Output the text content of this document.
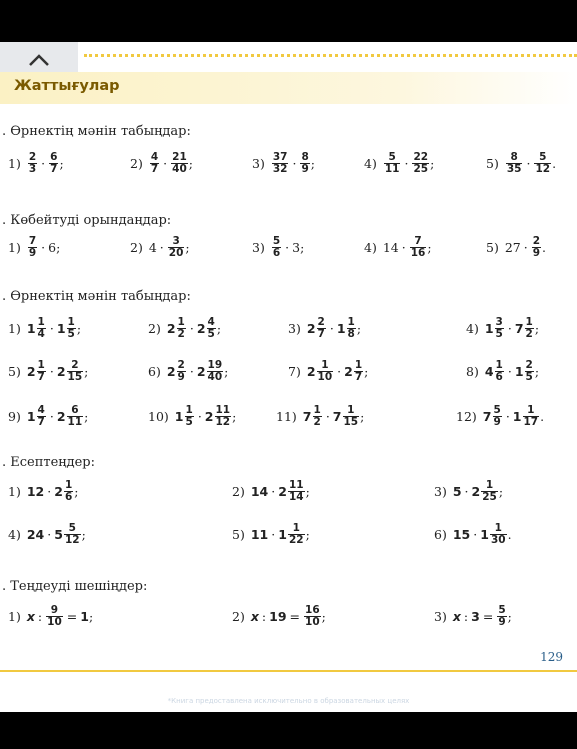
Жаттығулар
. Өрнектің мәнін табыңдар:
1) 2
3 · 6
7 ;	2) 4
7 · 21
40 ;	3) 37
32 · 8
9 ;	4) 5
11 · 22
25 ;	5) 8
35 · 5
12 .
. Көбейтуді орындаңдар:
1) 7
9 · 6;	2) 4 · 3
20 ;	3) 5
6 · 3;	4) 14 · 7
16 ;	5) 27 · 2
9 .
. Өрнектің мәнін табыңдар:
1) 1 1
4 · 1 1
5 ;	2) 2 1
2 · 2 4
5 ;	3) 2 2
7 · 1 1
8 ;	4) 1 3
5 · 7 1
2 ;
5) 2 1
7 · 2 2
15 ;	6) 2 2
9 · 2 19
40 ;	7) 2 1
10 · 2 1
7 ;	8) 4 1
6 · 1 2
5 ;
9) 1 4
7 · 2 6
11 ;	10) 1 1
5 · 2 11
12 ;	11) 7 1
2 · 7 1
15 ;	12) 7 5
9 · 1 1
17 .
. Есептеңдер:
1) 12 · 2 1
6 ;	2) 14 · 2 11
14 ;	3) 5 · 2 1
25 ;
4) 24 · 5 5
12 ;	5) 11 · 1 1
22 ;	6) 15 · 1 1
30 .
. Теңдеуді шешіңдер:
1) x : $\frac{9}{10} = 1$ ;	2) x : $19 = \frac{16}{10}$ ;	3) x : $3 = \frac{5}{9}$ ;
129
*Книга предоставлена исключительно в образовательных целях
